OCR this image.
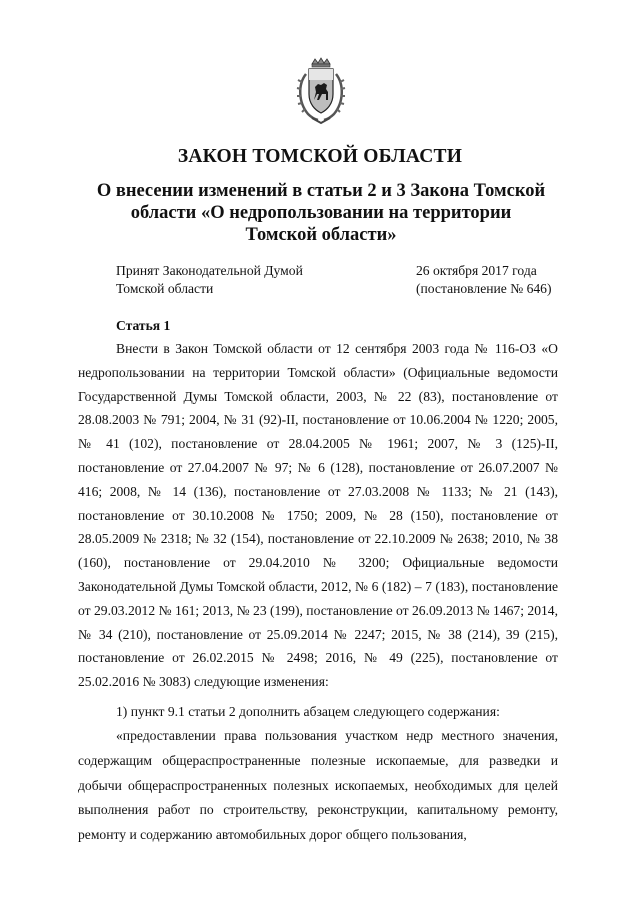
ЗАКОН ТОМСКОЙ ОБЛАСТИ
О внесении изменений в статьи 2 и 3 Закона Томской области «О недропользовании на территории Томской области»
Принят Законодательной Думой
Томской области
26 октября 2017 года
(постановление № 646)
Статья 1

Внести в Закон Томской области от 12 сентября 2003 года № 116-ОЗ «О недропользовании на территории Томской области» (Официальные ведомости Государственной Думы Томской области, 2003, № 22 (83), постановление от 28.08.2003 № 791; 2004, № 31 (92)-II, постановление от 10.06.2004 № 1220; 2005, № 41 (102), постановление от 28.04.2005 № 1961; 2007, № 3 (125)-II, постановление от 27.04.2007 № 97; № 6 (128), постановление от 26.07.2007 № 416; 2008, № 14 (136), постановление от 27.03.2008 № 1133; № 21 (143), постановление от 30.10.2008 № 1750; 2009, № 28 (150), постановление от 28.05.2009 № 2318; № 32 (154), постановление от 22.10.2009 № 2638; 2010, № 38 (160), постановление от 29.04.2010 № 3200; Официальные ведомости Законодательной Думы Томской области, 2012, № 6 (182) – 7 (183), постановление от 29.03.2012 № 161; 2013, № 23 (199), постановление от 26.09.2013 № 1467; 2014, № 34 (210), постановление от 25.09.2014 № 2247; 2015, № 38 (214), 39 (215), постановление от 26.02.2015 № 2498; 2016, № 49 (225), постановление от 25.02.2016 № 3083) следующие изменения:

1) пункт 9.1 статьи 2 дополнить абзацем следующего содержания:

«предоставлении права пользования участком недр местного значения, содержащим общераспространенные полезные ископаемые, для разведки и добычи общераспространенных полезных ископаемых, необходимых для целей выполнения работ по строительству, реконструкции, капитальному ремонту, ремонту и содержанию автомобильных дорог общего пользования,
